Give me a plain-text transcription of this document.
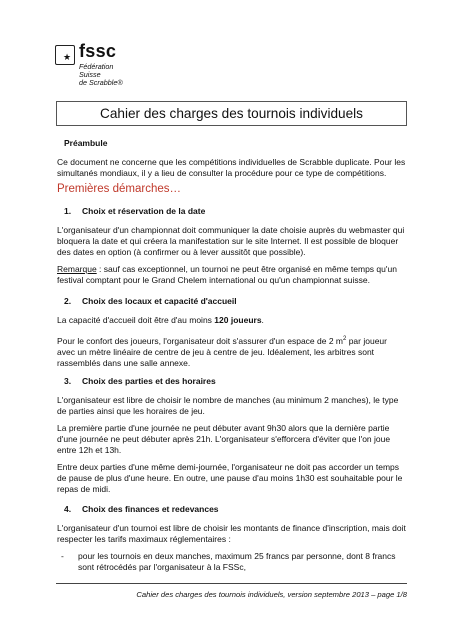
★ fssc
Fédération
Suisse
de Scrabble®
Cahier des charges des tournois individuels
Préambule
Ce document ne concerne que les compétitions individuelles de Scrabble duplicate. Pour les simultanés mondiaux, il y a lieu de consulter la procédure pour ce type de compétitions.
Premières démarches…
1. Choix et réservation de la date
L'organisateur d'un championnat doit communiquer la date choisie auprès du webmaster qui bloquera la date et qui créera la manifestation sur le site Internet. Il est possible de bloquer des dates en option (à confirmer ou à lever aussitôt que possible).
Remarque : sauf cas exceptionnel, un tournoi ne peut être organisé en même temps qu'un festival comptant pour le Grand Chelem international ou qu'un championnat suisse.
2. Choix des locaux et capacité d'accueil
La capacité d'accueil doit être d'au moins 120 joueurs.
Pour le confort des joueurs, l'organisateur doit s'assurer d'un espace de 2 $m^2$ par joueur avec un mètre linéaire de centre de jeu à centre de jeu. Idéalement, les arbitres sont rassemblés dans une salle annexe.
3. Choix des parties et des horaires
L'organisateur est libre de choisir le nombre de manches (au minimum 2 manches), le type de parties ainsi que les horaires de jeu.
La première partie d'une journée ne peut débuter avant 9h30 alors que la dernière partie d'une journée ne peut débuter après 21h. L'organisateur s'efforcera d'éviter que l'on joue entre 12h et 13h.
Entre deux parties d'une même demi-journée, l'organisateur ne doit pas accorder un temps de pause de plus d'une heure. En outre, une pause d'au moins 1h30 est souhaitable pour le repas de midi.
4. Choix des finances et redevances
L'organisateur d'un tournoi est libre de choisir les montants de finance d'inscription, mais doit respecter les tarifs maximaux réglementaires :
- pour les tournois en deux manches, maximum 25 francs par personne, dont 8 francs sont rétrocédés par l'organisateur à la FSSc,
Cahier des charges des tournois individuels, version septembre 2013 – page 1/8
